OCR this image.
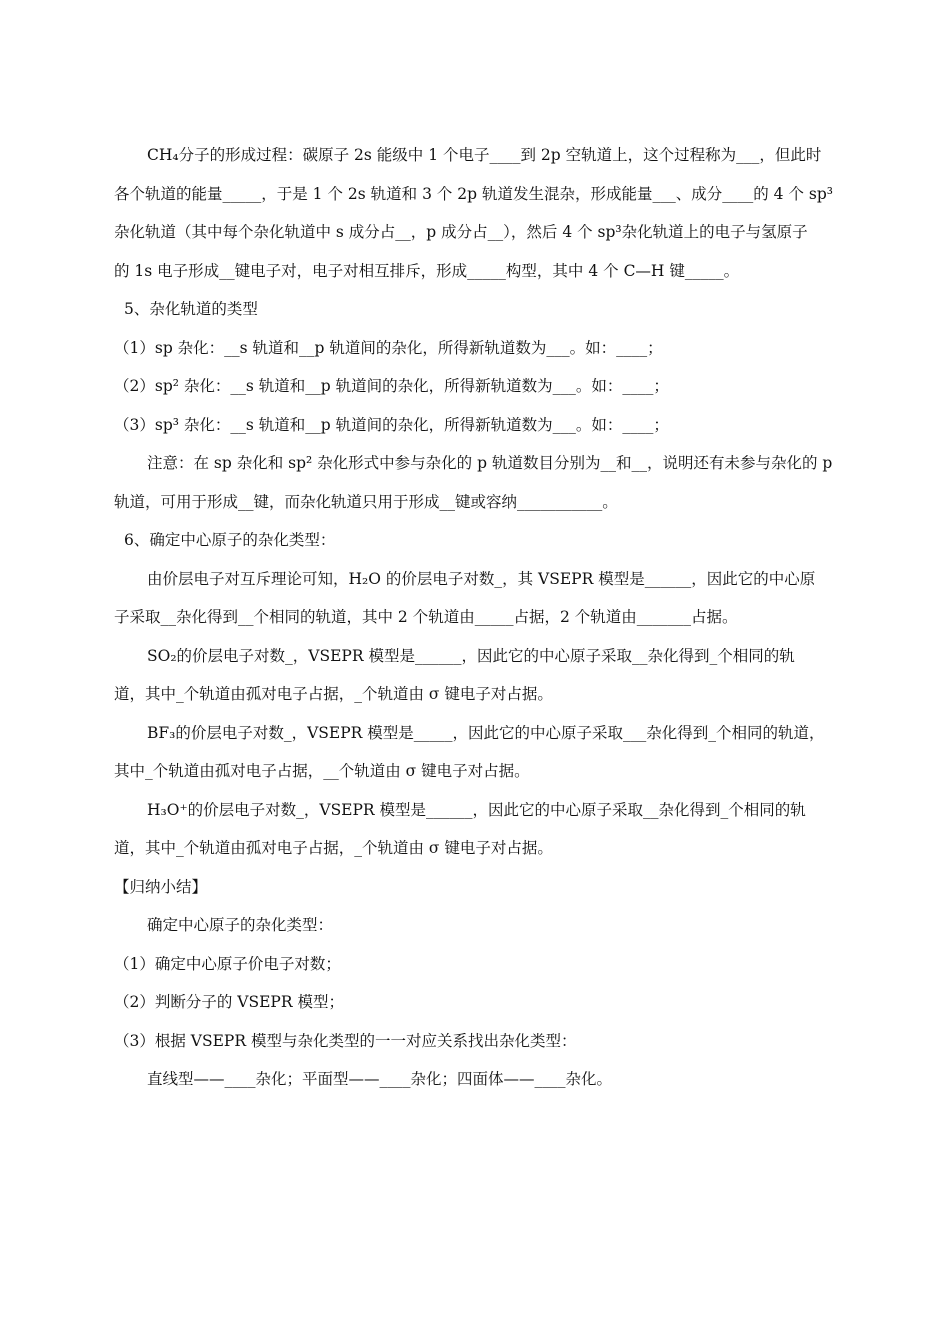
CH₄分子的形成过程：碳原子 2s 能级中 1 个电子____到 2p 空轨道上，这个过程称为___，但此时
各个轨道的能量_____，于是 1 个 2s 轨道和 3 个 2p 轨道发生混杂，形成能量___、成分____的 4 个 sp³
杂化轨道（其中每个杂化轨道中 s 成分占__，p 成分占__），然后 4 个 sp³杂化轨道上的电子与氢原子
的 1s 电子形成__键电子对，电子对相互排斥，形成_____构型，其中 4 个 C—H 键_____。
5、杂化轨道的类型
（1）sp 杂化：__s 轨道和__p 轨道间的杂化，所得新轨道数为___。如：____；
（2）sp² 杂化：__s 轨道和__p 轨道间的杂化，所得新轨道数为___。如：____；
（3）sp³ 杂化：__s 轨道和__p 轨道间的杂化，所得新轨道数为___。如：____；
注意：在 sp 杂化和 sp² 杂化形式中参与杂化的 p 轨道数目分别为__和__，说明还有未参与杂化的 p
轨道，可用于形成__键，而杂化轨道只用于形成__键或容纳___________。
6、确定中心原子的杂化类型：
由价层电子对互斥理论可知，H₂O 的价层电子对数_，其 VSEPR 模型是______，因此它的中心原
子采取__杂化得到__个相同的轨道，其中 2 个轨道由_____占据，2 个轨道由_______占据。
SO₂的价层电子对数_，VSEPR 模型是______，因此它的中心原子采取__杂化得到_个相同的轨
道，其中_个轨道由孤对电子占据，_个轨道由 σ 键电子对占据。
BF₃的价层电子对数_，VSEPR 模型是_____，因此它的中心原子采取___杂化得到_个相同的轨道，
其中_个轨道由孤对电子占据，__个轨道由 σ 键电子对占据。
H₃O⁺的价层电子对数_，VSEPR 模型是______，因此它的中心原子采取__杂化得到_个相同的轨
道，其中_个轨道由孤对电子占据，_个轨道由 σ 键电子对占据。
【归纳小结】
确定中心原子的杂化类型：
（1）确定中心原子价电子对数；
（2）判断分子的 VSEPR 模型；
（3）根据 VSEPR 模型与杂化类型的一一对应关系找出杂化类型：
直线型——____杂化；平面型——____杂化；四面体——____杂化。
